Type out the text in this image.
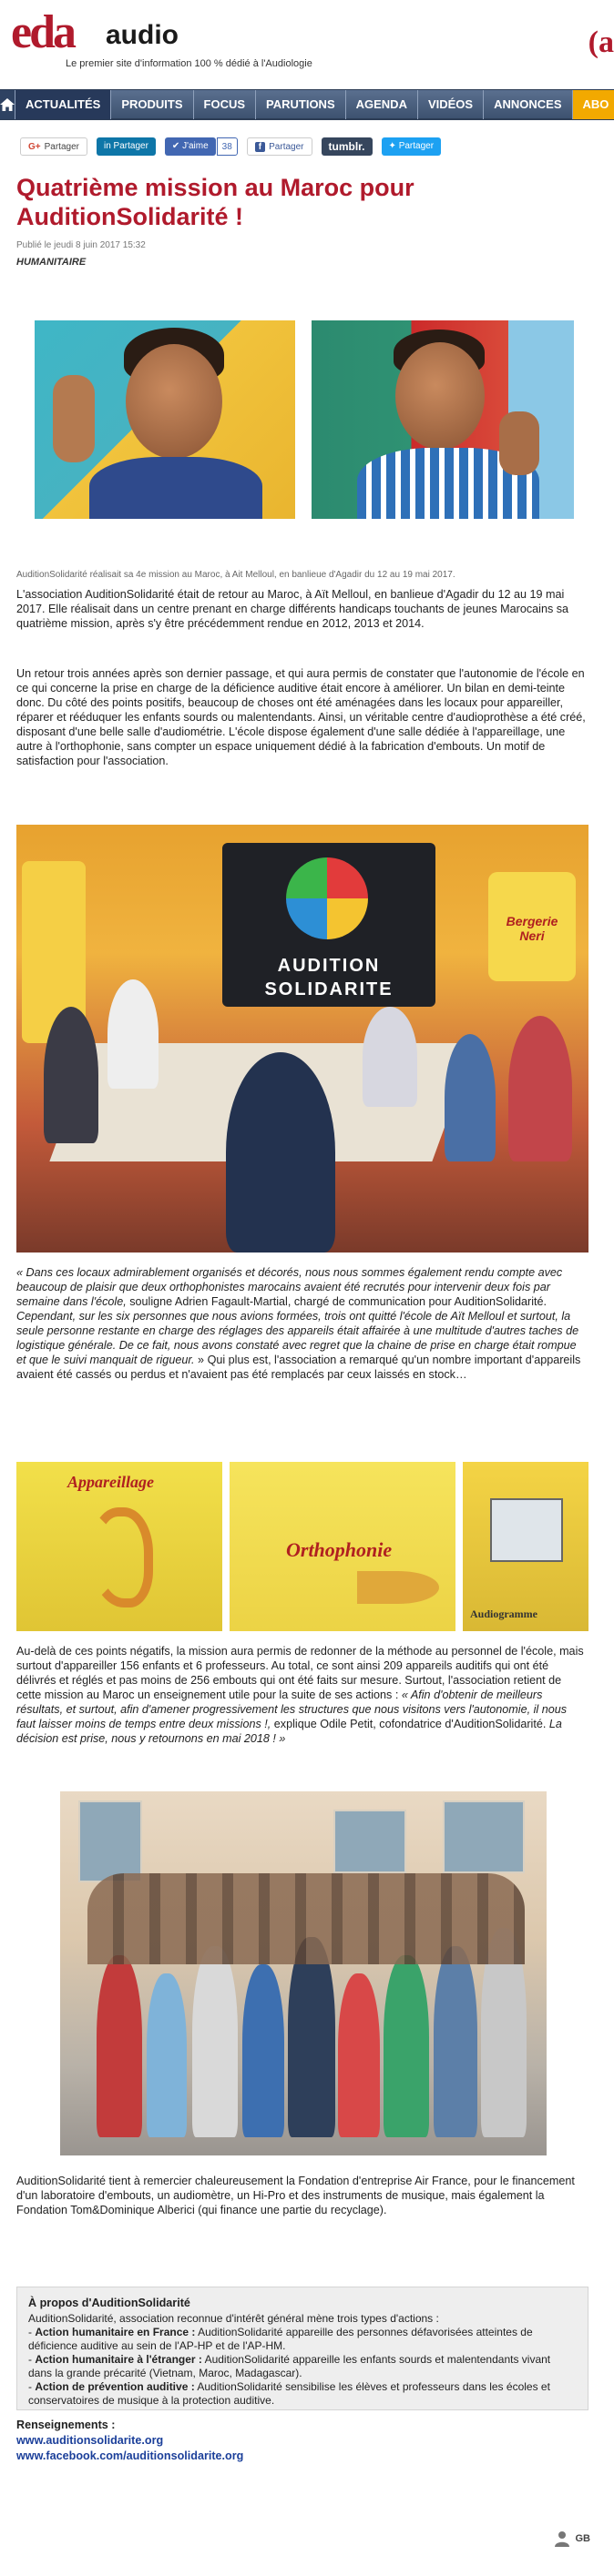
eda audio
Le premier site d'information 100 % dédié à l'Audiologie
(a
ACTUALITÉS	PRODUITS	FOCUS	PARUTIONS	AGENDA	VIDÉOS	ANNONCES	ABO
G+ Partager	in Partager	✔ J'aime	38	f Partager	tumblr.	✦ Partager
Quatrième mission au Maroc pour AuditionSolidarité !
Publié le jeudi 8 juin 2017 15:32
HUMANITAIRE
AuditionSolidarité réalisait sa 4e mission au Maroc, à Ait Melloul, en banlieue d'Agadir du 12 au 19 mai 2017.

L'association AuditionSolidarité était de retour au Maroc, à Aït Melloul, en banlieue d'Agadir du 12 au 19 mai 2017. Elle réalisait dans un centre prenant en charge différents handicaps touchants de jeunes Marocains sa quatrième mission, après s'y être précédemment rendue en 2012, 2013 et 2014.

Un retour trois années après son dernier passage, et qui aura permis de constater que l'autonomie de l'école en ce qui concerne la prise en charge de la déficience auditive était encore à améliorer. Un bilan en demi-teinte donc. Du côté des points positifs, beaucoup de choses ont été aménagées dans les locaux pour appareiller, réparer et rééduquer les enfants sourds ou malentendants. Ainsi, un véritable centre d'audioprothèse a été créé, disposant d'une belle salle d'audiométrie. L'école dispose également d'une salle dédiée à l'appareillage, une autre à l'orthophonie, sans compter un espace uniquement dédié à la fabrication d'embouts. Un motif de satisfaction pour l'association.

AUDITION
SOLIDARITE
Bergerie Neri

« Dans ces locaux admirablement organisés et décorés, nous nous sommes également rendu compte avec beaucoup de plaisir que deux orthophonistes marocains avaient été recrutés pour intervenir deux fois par semaine dans l'école, souligne Adrien Fagault-Martial, chargé de communication pour AuditionSolidarité. Cependant, sur les six personnes que nous avions formées, trois ont quitté l'école de Aït Melloul et surtout, la seule personne restante en charge des réglages des appareils était affairée à une multitude d'autres taches de logistique générale. De ce fait, nous avons constaté avec regret que la chaine de prise en charge était rompue et que le suivi manquait de rigueur. » Qui plus est, l'association a remarqué qu'un nombre important d'appareils avaient été cassés ou perdus et n'avaient pas été remplacés par ceux laissés en stock…

Appareillage
Orthophonie
Audiogramme

Au-delà de ces points négatifs, la mission aura permis de redonner de la méthode au personnel de l'école, mais surtout d'appareiller 156 enfants et 6 professeurs. Au total, ce sont ainsi 209 appareils auditifs qui ont été délivrés et réglés et pas moins de 256 embouts qui ont été faits sur mesure. Surtout, l'association retient de cette mission au Maroc un enseignement utile pour la suite de ses actions : « Afin d'obtenir de meilleurs résultats, et surtout, afin d'amener progressivement les structures que nous visitons vers l'autonomie, il nous faut laisser moins de temps entre deux missions !, explique Odile Petit, cofondatrice d'AuditionSolidarité. La décision est prise, nous y retournons en mai 2018 ! »

AuditionSolidarité tient à remercier chaleureusement la Fondation d'entreprise Air France, pour le financement d'un laboratoire d'embouts, un audiomètre, un Hi-Pro et des instruments de musique, mais également la Fondation Tom&Dominique Alberici (qui finance une partie du recyclage).

À propos d'AuditionSolidarité
AuditionSolidarité, association reconnue d'intérêt général mène trois types d'actions :
- Action humanitaire en France : AuditionSolidarité appareille des personnes défavorisées atteintes de déficience auditive au sein de l'AP-HP et de l'AP-HM.
- Action humanitaire à l'étranger : AuditionSolidarité appareille les enfants sourds et malentendants vivant dans la grande précarité (Vietnam, Maroc, Madagascar).
- Action de prévention auditive : AuditionSolidarité sensibilise les élèves et professeurs dans les écoles et conservatoires de musique à la protection auditive.
Renseignements :
www.auditionsolidarite.org
www.facebook.com/auditionsolidarite.org
GB
